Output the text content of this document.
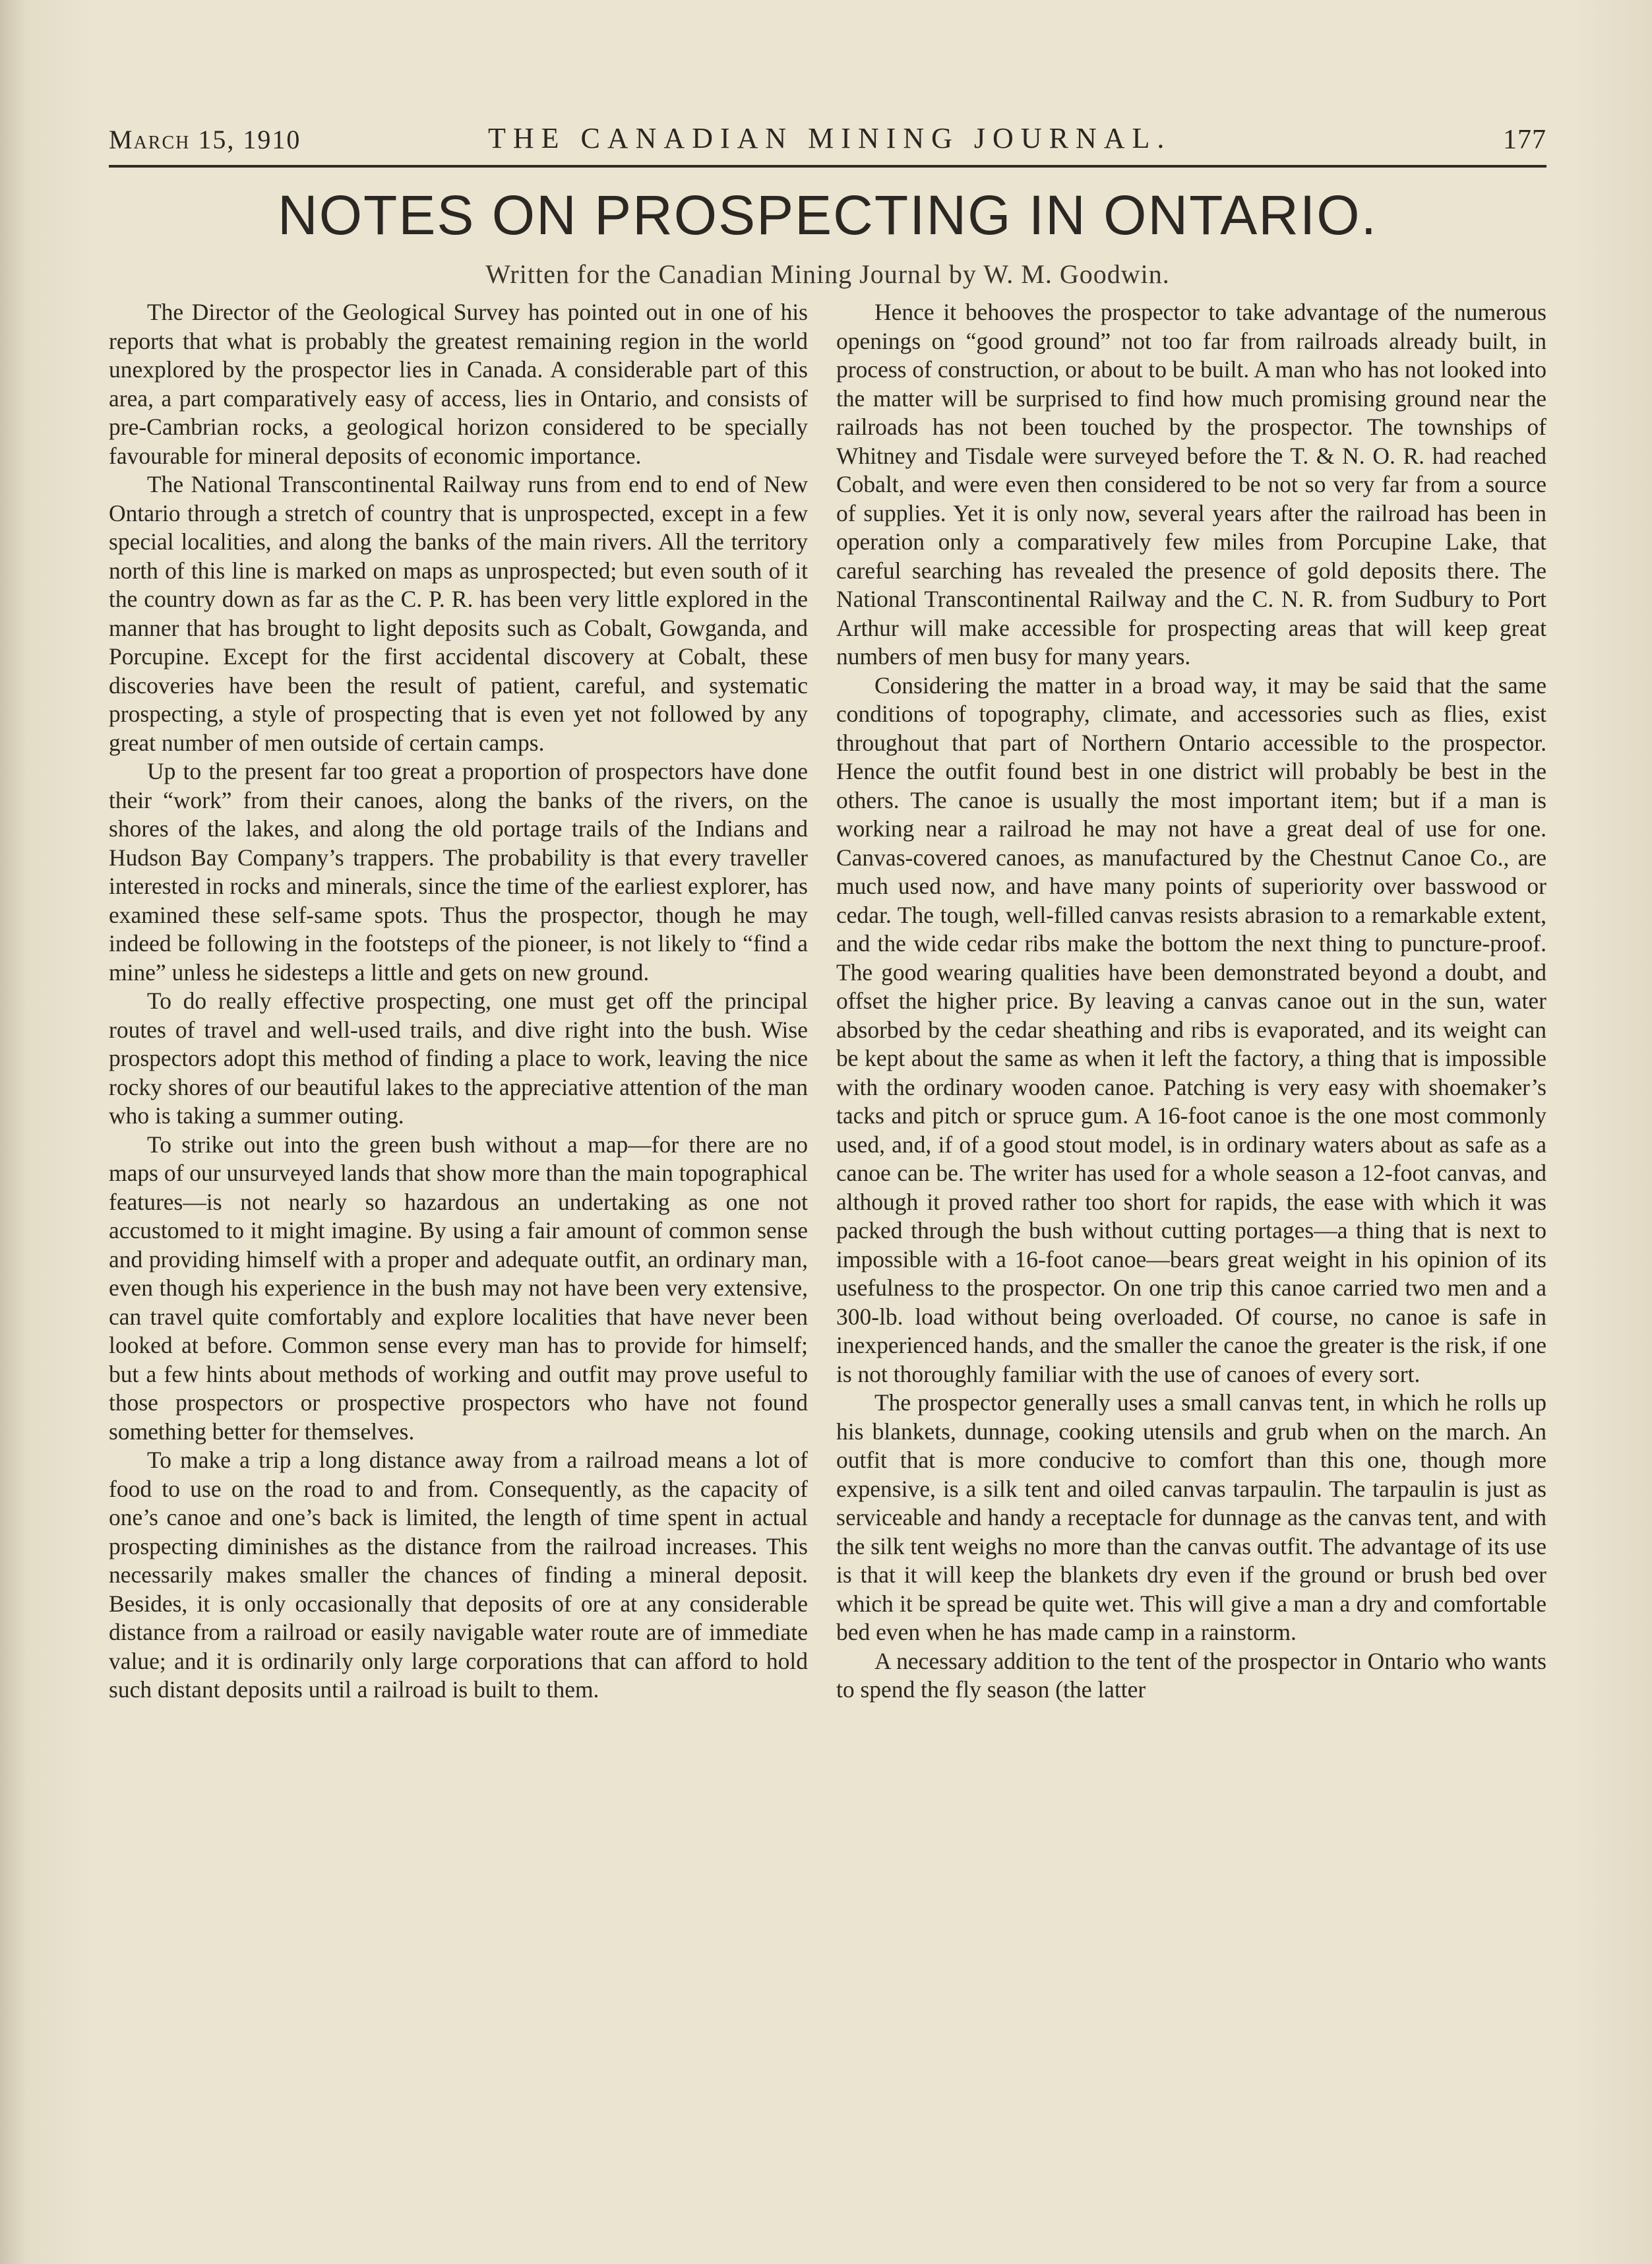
March 15, 1910	THE CANADIAN MINING JOURNAL.	177
NOTES ON PROSPECTING IN ONTARIO.
Written for the Canadian Mining Journal by W. M. Goodwin.

The Director of the Geological Survey has pointed out in one of his reports that what is probably the greatest remaining region in the world unexplored by the prospector lies in Canada. A considerable part of this area, a part comparatively easy of access, lies in Ontario, and consists of pre-Cambrian rocks, a geological horizon considered to be specially favourable for mineral deposits of economic importance.

The National Transcontinental Railway runs from end to end of New Ontario through a stretch of country that is unprospected, except in a few special localities, and along the banks of the main rivers. All the territory north of this line is marked on maps as unprospected; but even south of it the country down as far as the C. P. R. has been very little explored in the manner that has brought to light deposits such as Cobalt, Gowganda, and Porcupine. Except for the first accidental discovery at Cobalt, these discoveries have been the result of patient, careful, and systematic prospecting, a style of prospecting that is even yet not followed by any great number of men outside of certain camps.

Up to the present far too great a proportion of prospectors have done their “work” from their canoes, along the banks of the rivers, on the shores of the lakes, and along the old portage trails of the Indians and Hudson Bay Company’s trappers. The probability is that every traveller interested in rocks and minerals, since the time of the earliest explorer, has examined these self-same spots. Thus the prospector, though he may indeed be following in the footsteps of the pioneer, is not likely to “find a mine” unless he sidesteps a little and gets on new ground.

To do really effective prospecting, one must get off the principal routes of travel and well-used trails, and dive right into the bush. Wise prospectors adopt this method of finding a place to work, leaving the nice rocky shores of our beautiful lakes to the appreciative attention of the man who is taking a summer outing.

To strike out into the green bush without a map—for there are no maps of our unsurveyed lands that show more than the main topographical features—is not nearly so hazardous an undertaking as one not accustomed to it might imagine. By using a fair amount of common sense and providing himself with a proper and adequate outfit, an ordinary man, even though his experience in the bush may not have been very extensive, can travel quite comfortably and explore localities that have never been looked at before. Common sense every man has to provide for himself; but a few hints about methods of working and outfit may prove useful to those prospectors or prospective prospectors who have not found something better for themselves.

To make a trip a long distance away from a railroad means a lot of food to use on the road to and from. Consequently, as the capacity of one’s canoe and one’s back is limited, the length of time spent in actual prospecting diminishes as the distance from the railroad increases. This necessarily makes smaller the chances of finding a mineral deposit. Besides, it is only occasionally that deposits of ore at any considerable distance from a railroad or easily navigable water route are of immediate value; and it is ordinarily only large corporations that can afford to hold such distant deposits until a railroad is built to them.

Hence it behooves the prospector to take advantage of the numerous openings on “good ground” not too far from railroads already built, in process of construction, or about to be built. A man who has not looked into the matter will be surprised to find how much promising ground near the railroads has not been touched by the prospector. The townships of Whitney and Tisdale were surveyed before the T. & N. O. R. had reached Cobalt, and were even then considered to be not so very far from a source of supplies. Yet it is only now, several years after the railroad has been in operation only a comparatively few miles from Porcupine Lake, that careful searching has revealed the presence of gold deposits there. The National Transcontinental Railway and the C. N. R. from Sudbury to Port Arthur will make accessible for prospecting areas that will keep great numbers of men busy for many years.

Considering the matter in a broad way, it may be said that the same conditions of topography, climate, and accessories such as flies, exist throughout that part of Northern Ontario accessible to the prospector. Hence the outfit found best in one district will probably be best in the others. The canoe is usually the most important item; but if a man is working near a railroad he may not have a great deal of use for one. Canvas-covered canoes, as manufactured by the Chestnut Canoe Co., are much used now, and have many points of superiority over basswood or cedar. The tough, well-filled canvas resists abrasion to a remarkable extent, and the wide cedar ribs make the bottom the next thing to puncture-proof. The good wearing qualities have been demonstrated beyond a doubt, and offset the higher price. By leaving a canvas canoe out in the sun, water absorbed by the cedar sheathing and ribs is evaporated, and its weight can be kept about the same as when it left the factory, a thing that is impossible with the ordinary wooden canoe. Patching is very easy with shoemaker’s tacks and pitch or spruce gum. A 16-foot canoe is the one most commonly used, and, if of a good stout model, is in ordinary waters about as safe as a canoe can be. The writer has used for a whole season a 12-foot canvas, and although it proved rather too short for rapids, the ease with which it was packed through the bush without cutting portages—a thing that is next to impossible with a 16-foot canoe—bears great weight in his opinion of its usefulness to the prospector. On one trip this canoe carried two men and a 300-lb. load without being overloaded. Of course, no canoe is safe in inexperienced hands, and the smaller the canoe the greater is the risk, if one is not thoroughly familiar with the use of canoes of every sort.

The prospector generally uses a small canvas tent, in which he rolls up his blankets, dunnage, cooking utensils and grub when on the march. An outfit that is more conducive to comfort than this one, though more expensive, is a silk tent and oiled canvas tarpaulin. The tarpaulin is just as serviceable and handy a receptacle for dunnage as the canvas tent, and with the silk tent weighs no more than the canvas outfit. The advantage of its use is that it will keep the blankets dry even if the ground or brush bed over which it be spread be quite wet. This will give a man a dry and comfortable bed even when he has made camp in a rainstorm.

A necessary addition to the tent of the prospector in Ontario who wants to spend the fly season (the latter
